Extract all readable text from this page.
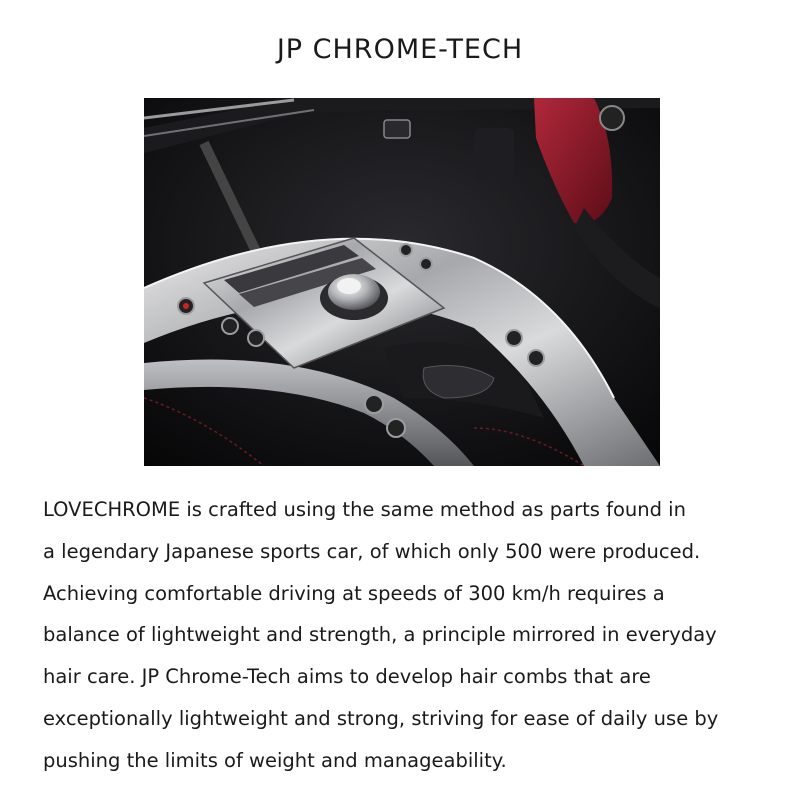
JP CHROME-TECH

LOVECHROME is crafted using the same method as parts found in
a legendary Japanese sports car, of which only 500 were produced.
Achieving comfortable driving at speeds of 300 km/h requires a
balance of lightweight and strength, a principle mirrored in everyday
hair care. JP Chrome-Tech aims to develop hair combs that are
exceptionally lightweight and strong, striving for ease of daily use by
pushing the limits of weight and manageability.
